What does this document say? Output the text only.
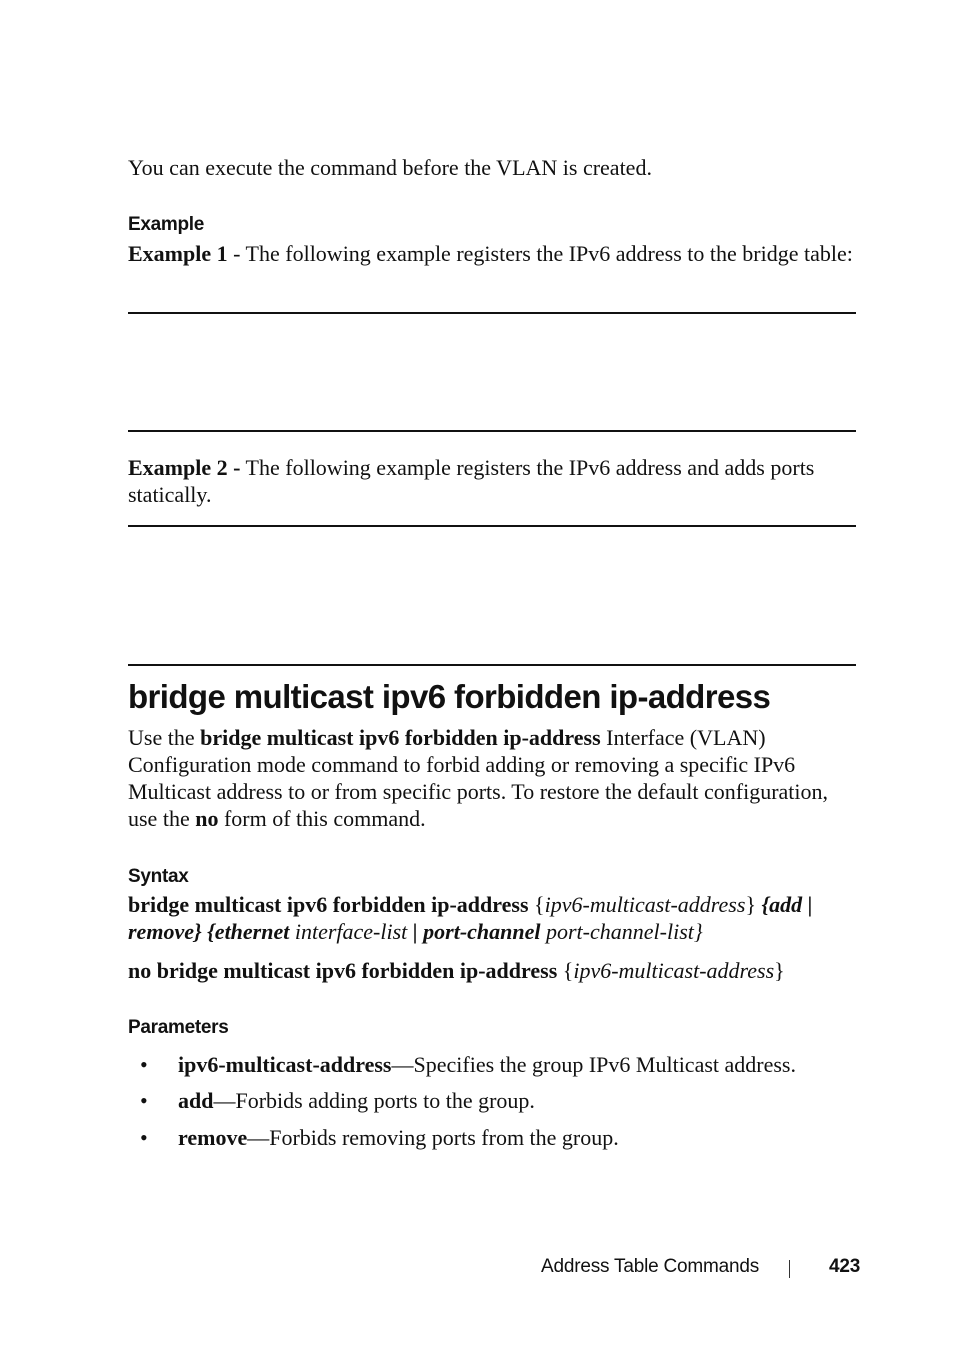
You can execute the command before the VLAN is created.
Example
Example 1 - The following example registers the IPv6 address to the bridge table:
Example 2 - The following example registers the IPv6 address and adds ports statically.
bridge multicast ipv6 forbidden ip-address
Use the bridge multicast ipv6 forbidden ip-address Interface (VLAN) Configuration mode command to forbid adding or removing a specific IPv6 Multicast address to or from specific ports. To restore the default configuration, use the no form of this command.
Syntax
bridge multicast ipv6 forbidden ip-address {ipv6-multicast-address} {add |
remove} {ethernet interface-list | port-channel port-channel-list}
no bridge multicast ipv6 forbidden ip-address {ipv6-multicast-address}
Parameters
• ipv6-multicast-address—Specifies the group IPv6 Multicast address.
• add—Forbids adding ports to the group.
• remove—Forbids removing ports from the group.
Address Table Commands	423
